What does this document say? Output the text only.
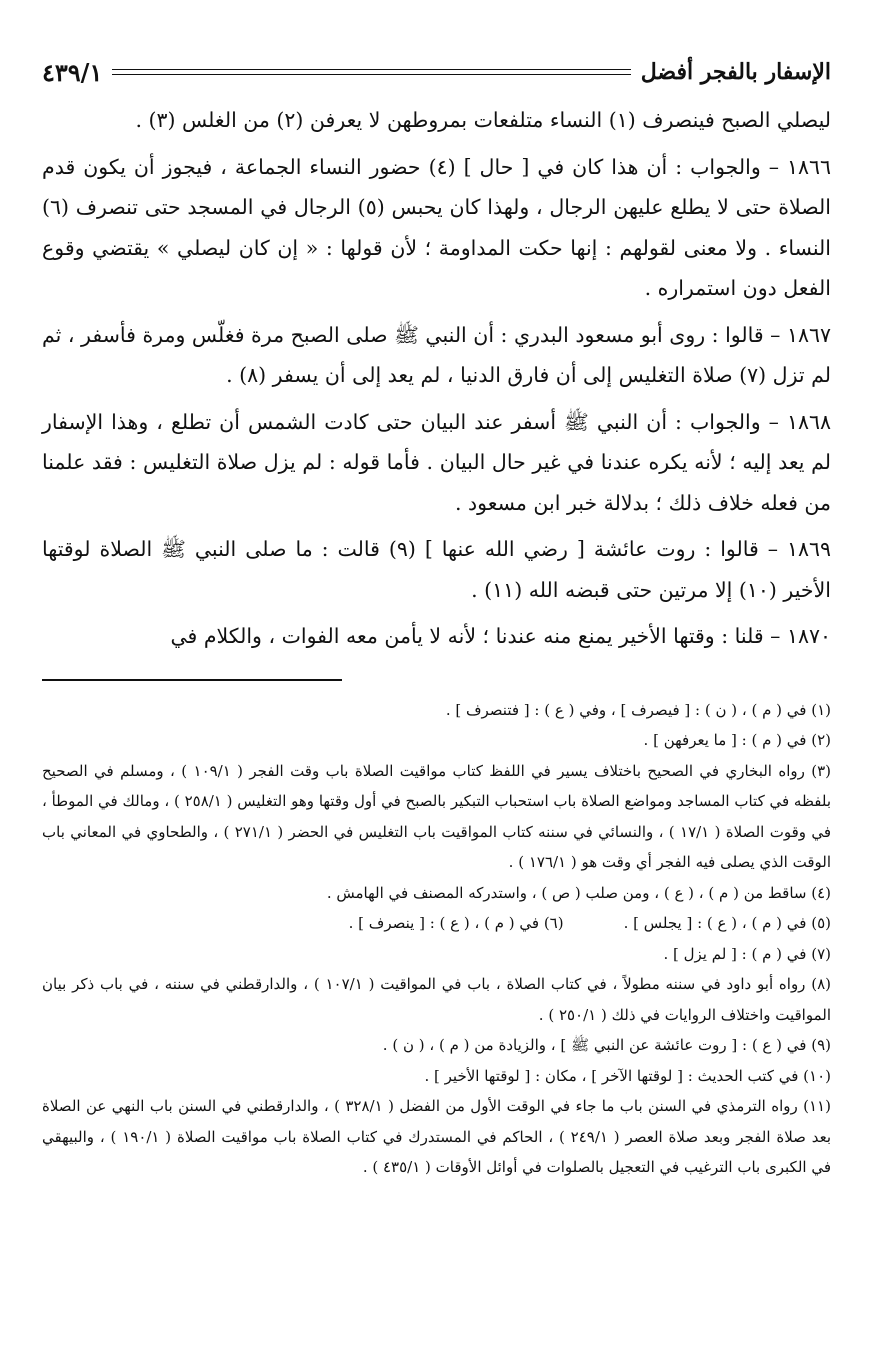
الإسفار بالفجر أفضل
٤٣٩/١

ليصلي الصبح فينصرف (١) النساء متلفعات بمروطهن لا يعرفن (٢) من الغلس (٣) .

١٨٦٦ – والجواب : أن هذا كان في [ حال ] (٤) حضور النساء الجماعة ، فيجوز أن يكون قدم الصلاة حتى لا يطلع عليهن الرجال ، ولهذا كان يحبس (٥) الرجال في المسجد حتى تنصرف (٦) النساء . ولا معنى لقولهم : إنها حكت المداومة ؛ لأن قولها : « إن كان ليصلي » يقتضي وقوع الفعل دون استمراره .

١٨٦٧ – قالوا : روى أبو مسعود البدري : أن النبي ﷺ صلى الصبح مرة فغلّس ومرة فأسفر ، ثم لم تزل (٧) صلاة التغليس إلى أن فارق الدنيا ، لم يعد إلى أن يسفر (٨) .

١٨٦٨ – والجواب : أن النبي ﷺ أسفر عند البيان حتى كادت الشمس أن تطلع ، وهذا الإسفار لم يعد إليه ؛ لأنه يكره عندنا في غير حال البيان . فأما قوله : لم يزل صلاة التغليس : فقد علمنا من فعله خلاف ذلك ؛ بدلالة خبر ابن مسعود .

١٨٦٩ – قالوا : روت عائشة [ رضي الله عنها ] (٩) قالت : ما صلى النبي ﷺ الصلاة لوقتها الأخير (١٠) إلا مرتين حتى قبضه الله (١١) .

١٨٧٠ – قلنا : وقتها الأخير يمنع منه عندنا ؛ لأنه لا يأمن معه الفوات ، والكلام في

(١) في ( م ) ، ( ن ) : [ فيصرف ] ، وفي ( ع ) : [ فتنصرف ] .

(٢) في ( م ) : [ ما يعرفهن ] .

(٣) رواه البخاري في الصحيح باختلاف يسير في اللفظ كتاب مواقيت الصلاة باب وقت الفجر ( ١٠٩/١ ) ، ومسلم في الصحيح بلفظه في كتاب المساجد ومواضع الصلاة باب استحباب التبكير بالصبح في أول وقتها وهو التغليس ( ٢٥٨/١ ) ، ومالك في الموطأ ، في وقوت الصلاة ( ١٧/١ ) ، والنسائي في سننه كتاب المواقيت باب التغليس في الحضر ( ٢٧١/١ ) ، والطحاوي في المعاني باب الوقت الذي يصلى فيه الفجر أي وقت هو ( ١٧٦/١ ) .

(٤) ساقط من ( م ) ، ( ع ) ، ومن صلب ( ص ) ، واستدركه المصنف في الهامش .

(٥) في ( م ) ، ( ع ) : [ يجلس ] .

(٦) في ( م ) ، ( ع ) : [ ينصرف ] .

(٧) في ( م ) : [ لم يزل ] .

(٨) رواه أبو داود في سننه مطولاً ، في كتاب الصلاة ، باب في المواقيت ( ١٠٧/١ ) ، والدارقطني في سننه ، في باب ذكر بيان المواقيت واختلاف الروايات في ذلك ( ٢٥٠/١ ) .

(٩) في ( ع ) : [ روت عائشة عن النبي ﷺ ] ، والزيادة من ( م ) ، ( ن ) .

(١٠) في كتب الحديث : [ لوقتها الآخر ] ، مكان : [ لوقتها الأخير ] .

(١١) رواه الترمذي في السنن باب ما جاء في الوقت الأول من الفضل ( ٣٢٨/١ ) ، والدارقطني في السنن باب النهي عن الصلاة بعد صلاة الفجر وبعد صلاة العصر ( ٢٤٩/١ ) ، الحاكم في المستدرك في كتاب الصلاة باب مواقيت الصلاة ( ١٩٠/١ ) ، والبيهقي في الكبرى باب الترغيب في التعجيل بالصلوات في أوائل الأوقات ( ٤٣٥/١ ) .
